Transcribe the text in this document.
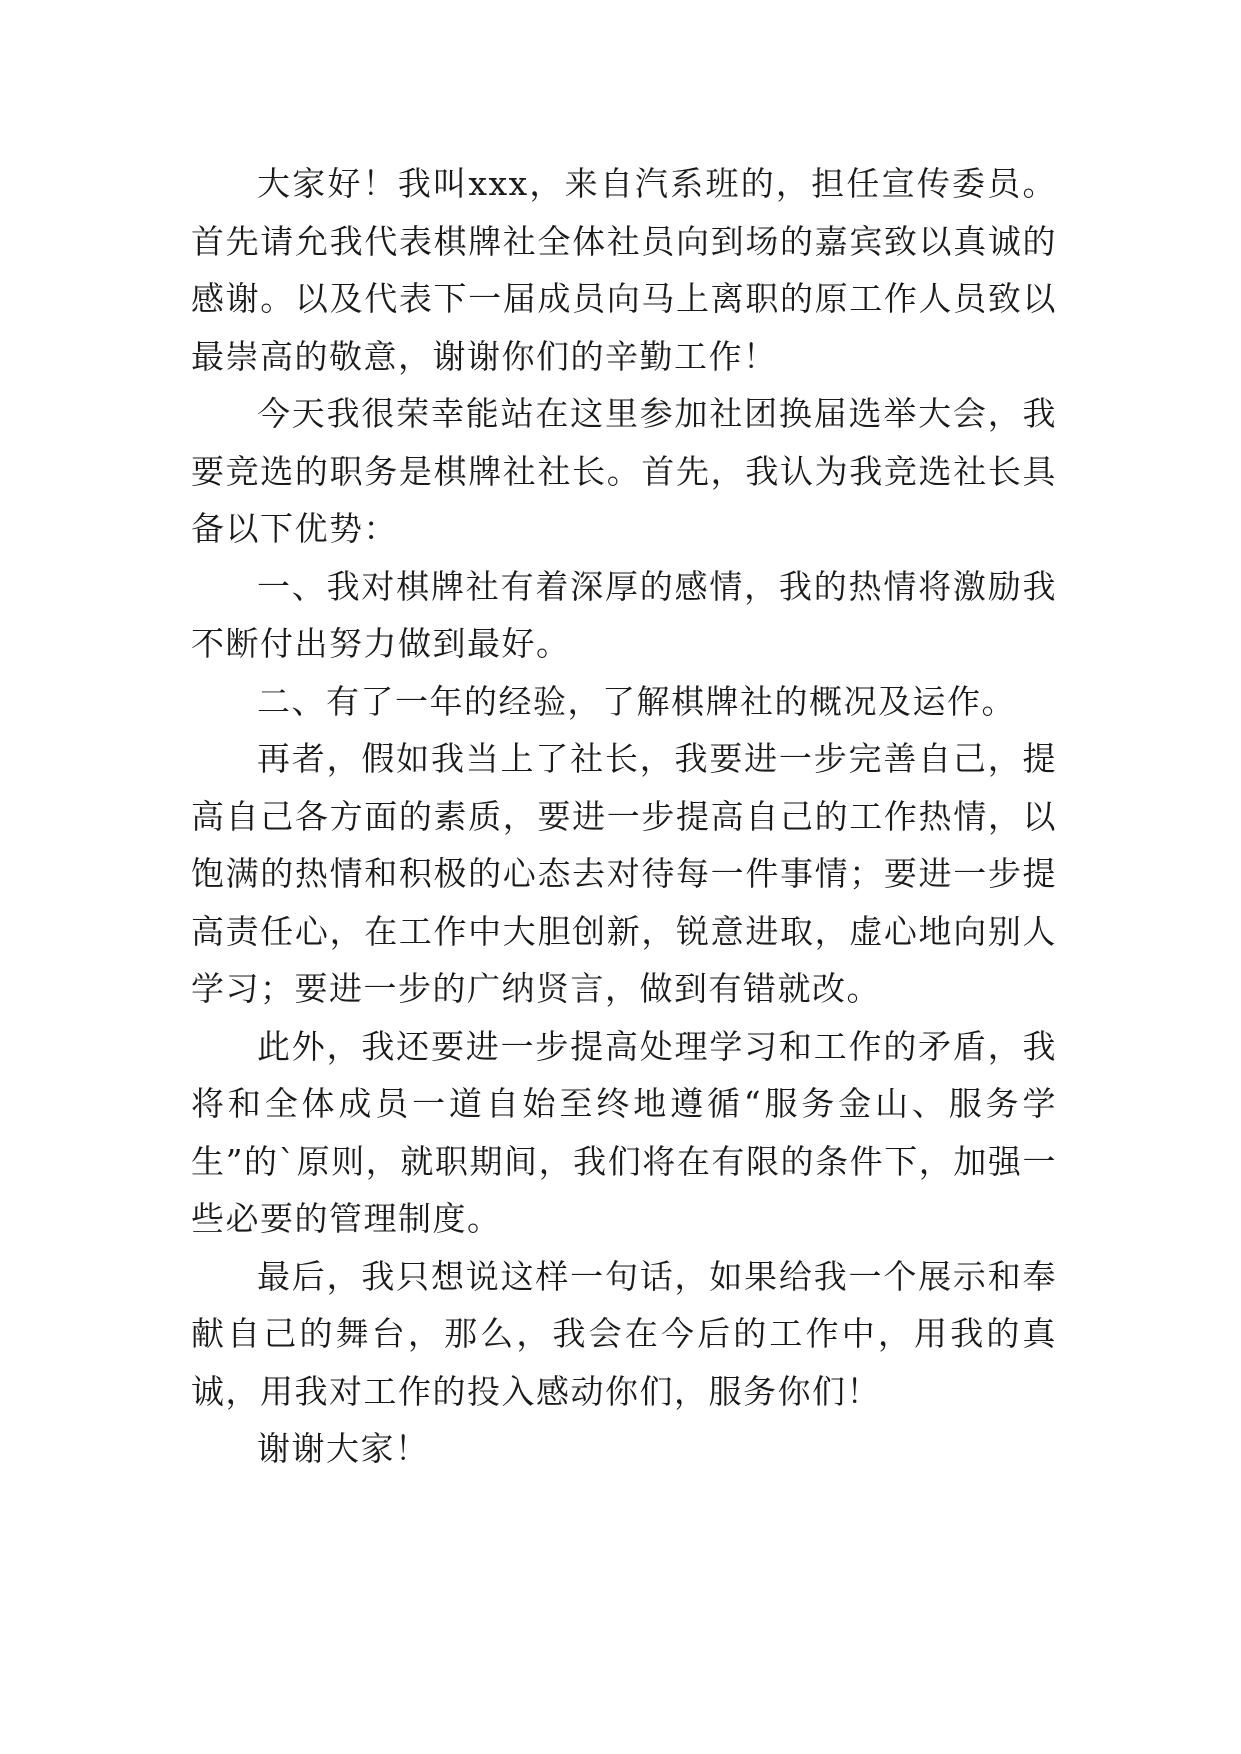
大家好！我叫xxx，来自汽系班的，担任宣传委员。首先请允我代表棋牌社全体社员向到场的嘉宾致以真诚的感谢。以及代表下一届成员向马上离职的原工作人员致以最崇高的敬意，谢谢你们的辛勤工作！

今天我很荣幸能站在这里参加社团换届选举大会，我要竞选的职务是棋牌社社长。首先，我认为我竞选社长具备以下优势：

一、我对棋牌社有着深厚的感情，我的热情将激励我不断付出努力做到最好。

二、有了一年的经验，了解棋牌社的概况及运作。

再者，假如我当上了社长，我要进一步完善自己，提高自己各方面的素质，要进一步提高自己的工作热情，以饱满的热情和积极的心态去对待每一件事情；要进一步提高责任心，在工作中大胆创新，锐意进取，虚心地向别人学习；要进一步的广纳贤言，做到有错就改。

此外，我还要进一步提高处理学习和工作的矛盾，我将和全体成员一道自始至终地遵循“服务金山、服务学生”的`原则，就职期间，我们将在有限的条件下，加强一些必要的管理制度。

最后，我只想说这样一句话，如果给我一个展示和奉献自己的舞台，那么，我会在今后的工作中，用我的真诚，用我对工作的投入感动你们，服务你们！

谢谢大家！
